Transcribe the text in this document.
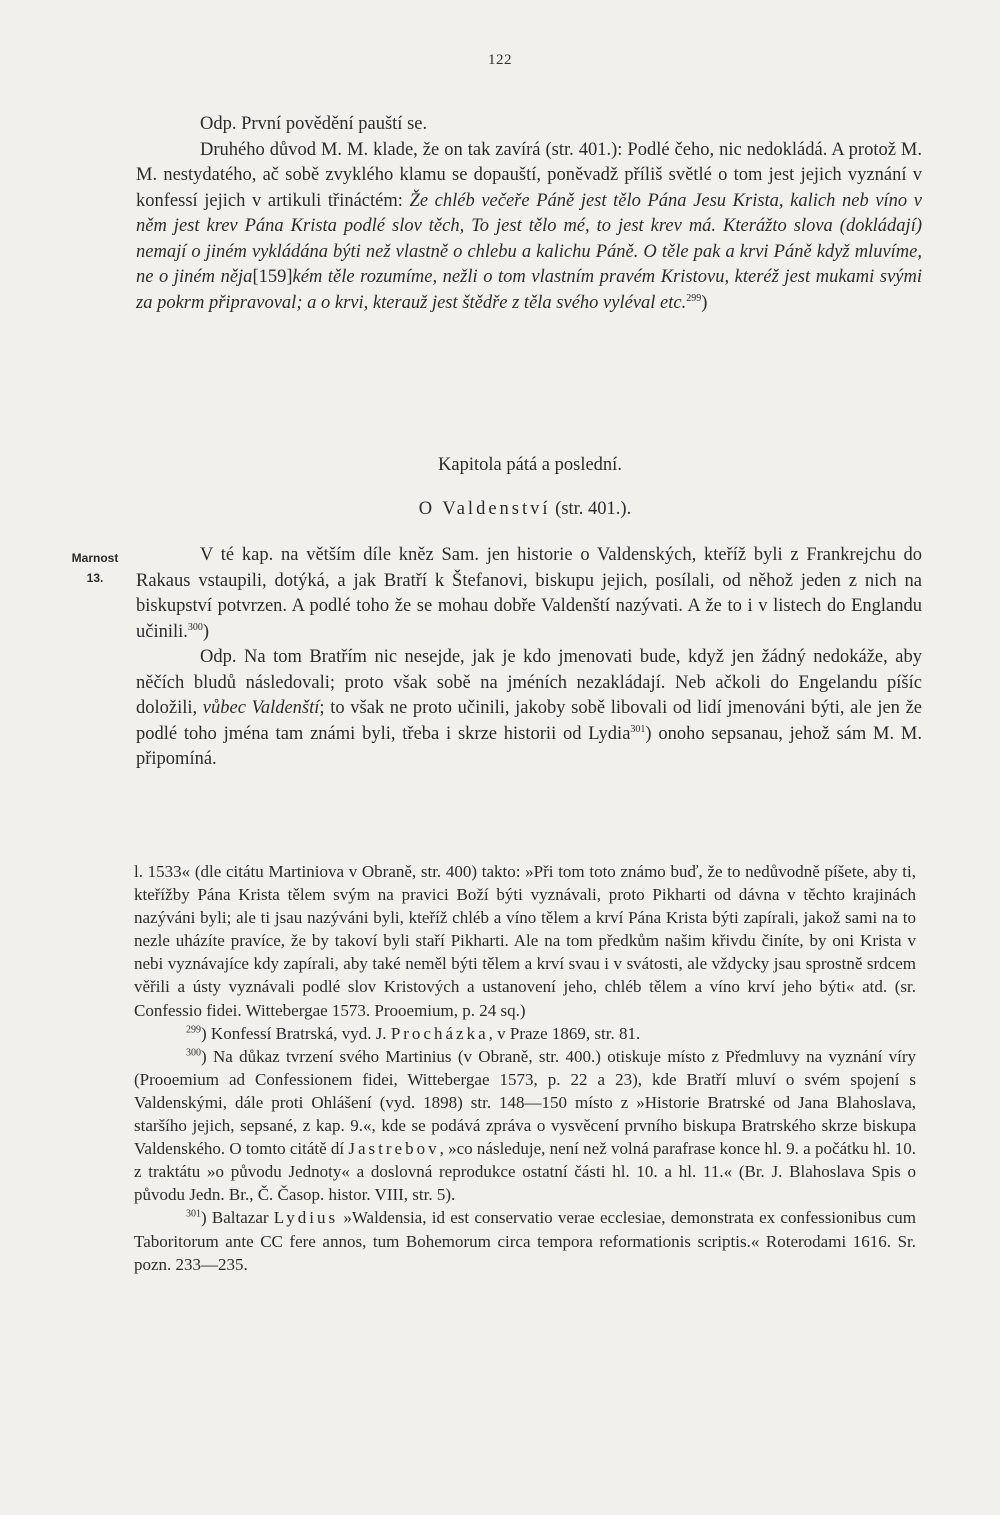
122

Odp. První povědění pauští se.

Druhého důvod M. M. klade, že on tak zavírá (str. 401.): Podlé čeho, nic nedokládá. A protož M. M. nestydatého, ač sobě zvyklého klamu se dopauští, poněvadž příliš světlé o tom jest jejich vyznání v konfessí jejich v artikuli třináctém: Že chléb večeře Páně jest tělo Pána Jesu Krista, kalich neb víno v něm jest krev Pána Krista podlé slov těch, To jest tělo mé, to jest krev má. Kterážto slova (dokládají) nemají o jiném vykládána býti než vlastně o chlebu a kalichu Páně. O těle pak a krvi Páně když mluvíme, ne o jiném něja[159]kém těle rozumíme, nežli o tom vlastním pravém Kristovu, kteréž jest mukami svými za pokrm připravoval; a o krvi, kterauž jest štědře z těla svého vyléval etc.$^{299}$)

Kapitola pátá a poslední.
O Valdenství (str. 401.).
Marnost
13.

V té kap. na větším díle kněz Sam. jen historie o Valdenských, kteříž byli z Frankrejchu do Rakaus vstaupili, dotýká, a jak Bratří k Štefanovi, biskupu jejich, posílali, od něhož jeden z nich na biskupství potvrzen. A podlé toho že se mohau dobře Valdenští nazývati. A že to i v listech do Englandu učinili.$^{300}$)

Odp. Na tom Bratřím nic nesejde, jak je kdo jmenovati bude, když jen žádný nedokáže, aby něčích bludů následovali; proto však sobě na jméních nezakládají. Neb ačkoli do Engelandu píšíc doložili, vůbec Valdenští; to však ne proto učinili, jakoby sobě libovali od lidí jmenováni býti, ale jen že podlé toho jména tam známi byli, třeba i skrze historii od Lydia$^{301}$) onoho sepsanau, jehož sám M. M. připomíná.

l. 1533« (dle citátu Martiniova v Obraně, str. 400) takto: »Při tom toto známo buď, že to nedůvodně píšete, aby ti, kteřížby Pána Krista tělem svým na pravici Boží býti vyznávali, proto Pikharti od dávna v těchto krajinách nazýváni byli; ale ti jsau nazýváni byli, kteříž chléb a víno tělem a krví Pána Krista býti zapírali, jakož sami na to nezle uházíte pravíce, že by takoví byli staří Pikharti. Ale na tom předkům našim křivdu činíte, by oni Krista v nebi vyznávajíce kdy zapírali, aby také neměl býti tělem a krví svau i v svátosti, ale vždycky jsau sprostně srdcem věřili a ústy vyznávali podlé slov Kristových a ustanovení jeho, chléb tělem a víno krví jeho býti« atd. (sr. Confessio fidei. Wittebergae 1573. Prooemium, p. 24 sq.)

$^{299}$) Konfessí Bratrská, vyd. J. Procházka, v Praze 1869, str. 81.

$^{300}$) Na důkaz tvrzení svého Martinius (v Obraně, str. 400.) otiskuje místo z Předmluvy na vyznání víry (Prooemium ad Confessionem fidei, Wittebergae 1573, p. 22 a 23), kde Bratří mluví o svém spojení s Valdenskými, dále proti Ohlášení (vyd. 1898) str. 148—150 místo z »Historie Bratrské od Jana Blahoslava, staršího jejich, sepsané, z kap. 9.«, kde se podává zpráva o vysvěcení prvního biskupa Bratrského skrze biskupa Valdenského. O tomto citátě dí Jastrebov, »co následuje, není než volná parafrase konce hl. 9. a počátku hl. 10. z traktátu »o původu Jednoty« a doslovná reprodukce ostatní části hl. 10. a hl. 11.« (Br. J. Blahoslava Spis o původu Jedn. Br., Č. Časop. histor. VIII, str. 5).

$^{301}$) Baltazar Lydius »Waldensia, id est conservatio verae ecclesiae, demonstrata ex confessionibus cum Taboritorum ante CC fere annos, tum Bohemorum circa tempora reformationis scriptis.« Roterodami 1616. Sr. pozn. 233—235.
